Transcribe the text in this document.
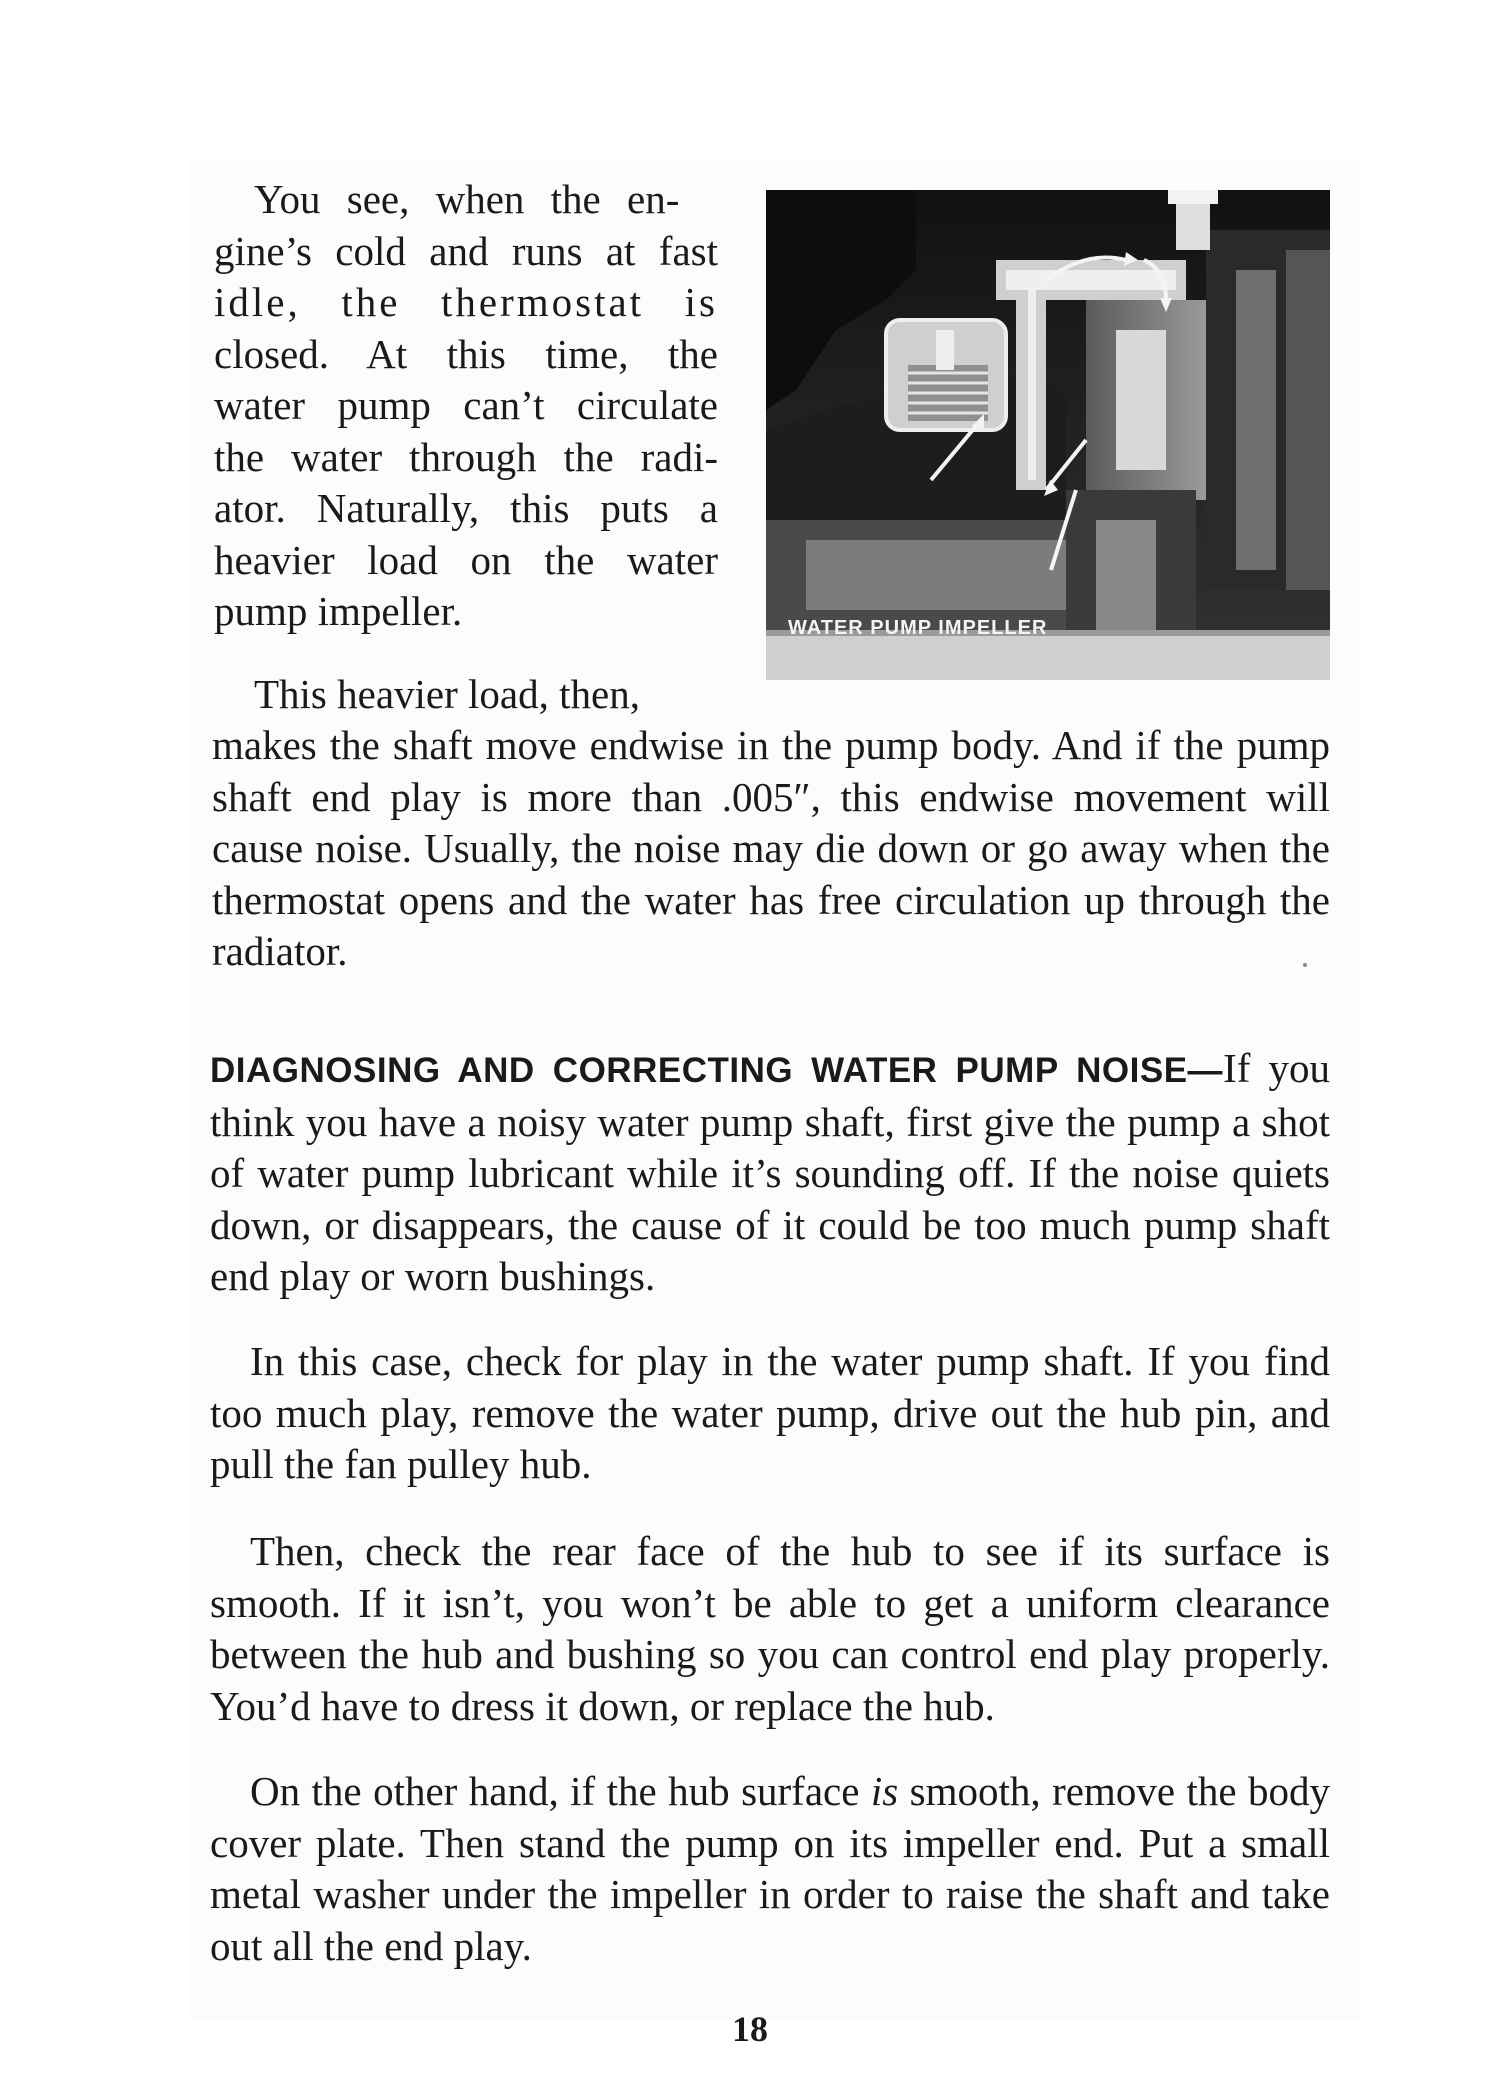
You see, when the en-
gine’s cold and runs at fast
idle, the thermostat is
closed. At this time, the
water pump can’t circulate
the water through the radi-
ator. Naturally, this puts a
heavier load on the water
pump impeller.	WATER PUMP IMPELLER
This heavier load, then,
makes the shaft move endwise in the pump body. And if the pump shaft end play is more than .005″, this endwise movement will cause noise. Usually, the noise may die down or go away when the thermostat opens and the water has free circulation up through the radiator.

DIAGNOSING AND CORRECTING WATER PUMP NOISE—If you think you have a noisy water pump shaft, first give the pump a shot of water pump lubricant while it’s sounding off. If the noise quiets down, or disappears, the cause of it could be too much pump shaft end play or worn bushings.

In this case, check for play in the water pump shaft. If you find too much play, remove the water pump, drive out the hub pin, and pull the fan pulley hub.

Then, check the rear face of the hub to see if its surface is smooth. If it isn’t, you won’t be able to get a uniform clearance between the hub and bushing so you can control end play properly. You’d have to dress it down, or replace the hub.

On the other hand, if the hub surface is smooth, remove the body cover plate. Then stand the pump on its impeller end. Put a small metal washer under the impeller in order to raise the shaft and take out all the end play.

18
